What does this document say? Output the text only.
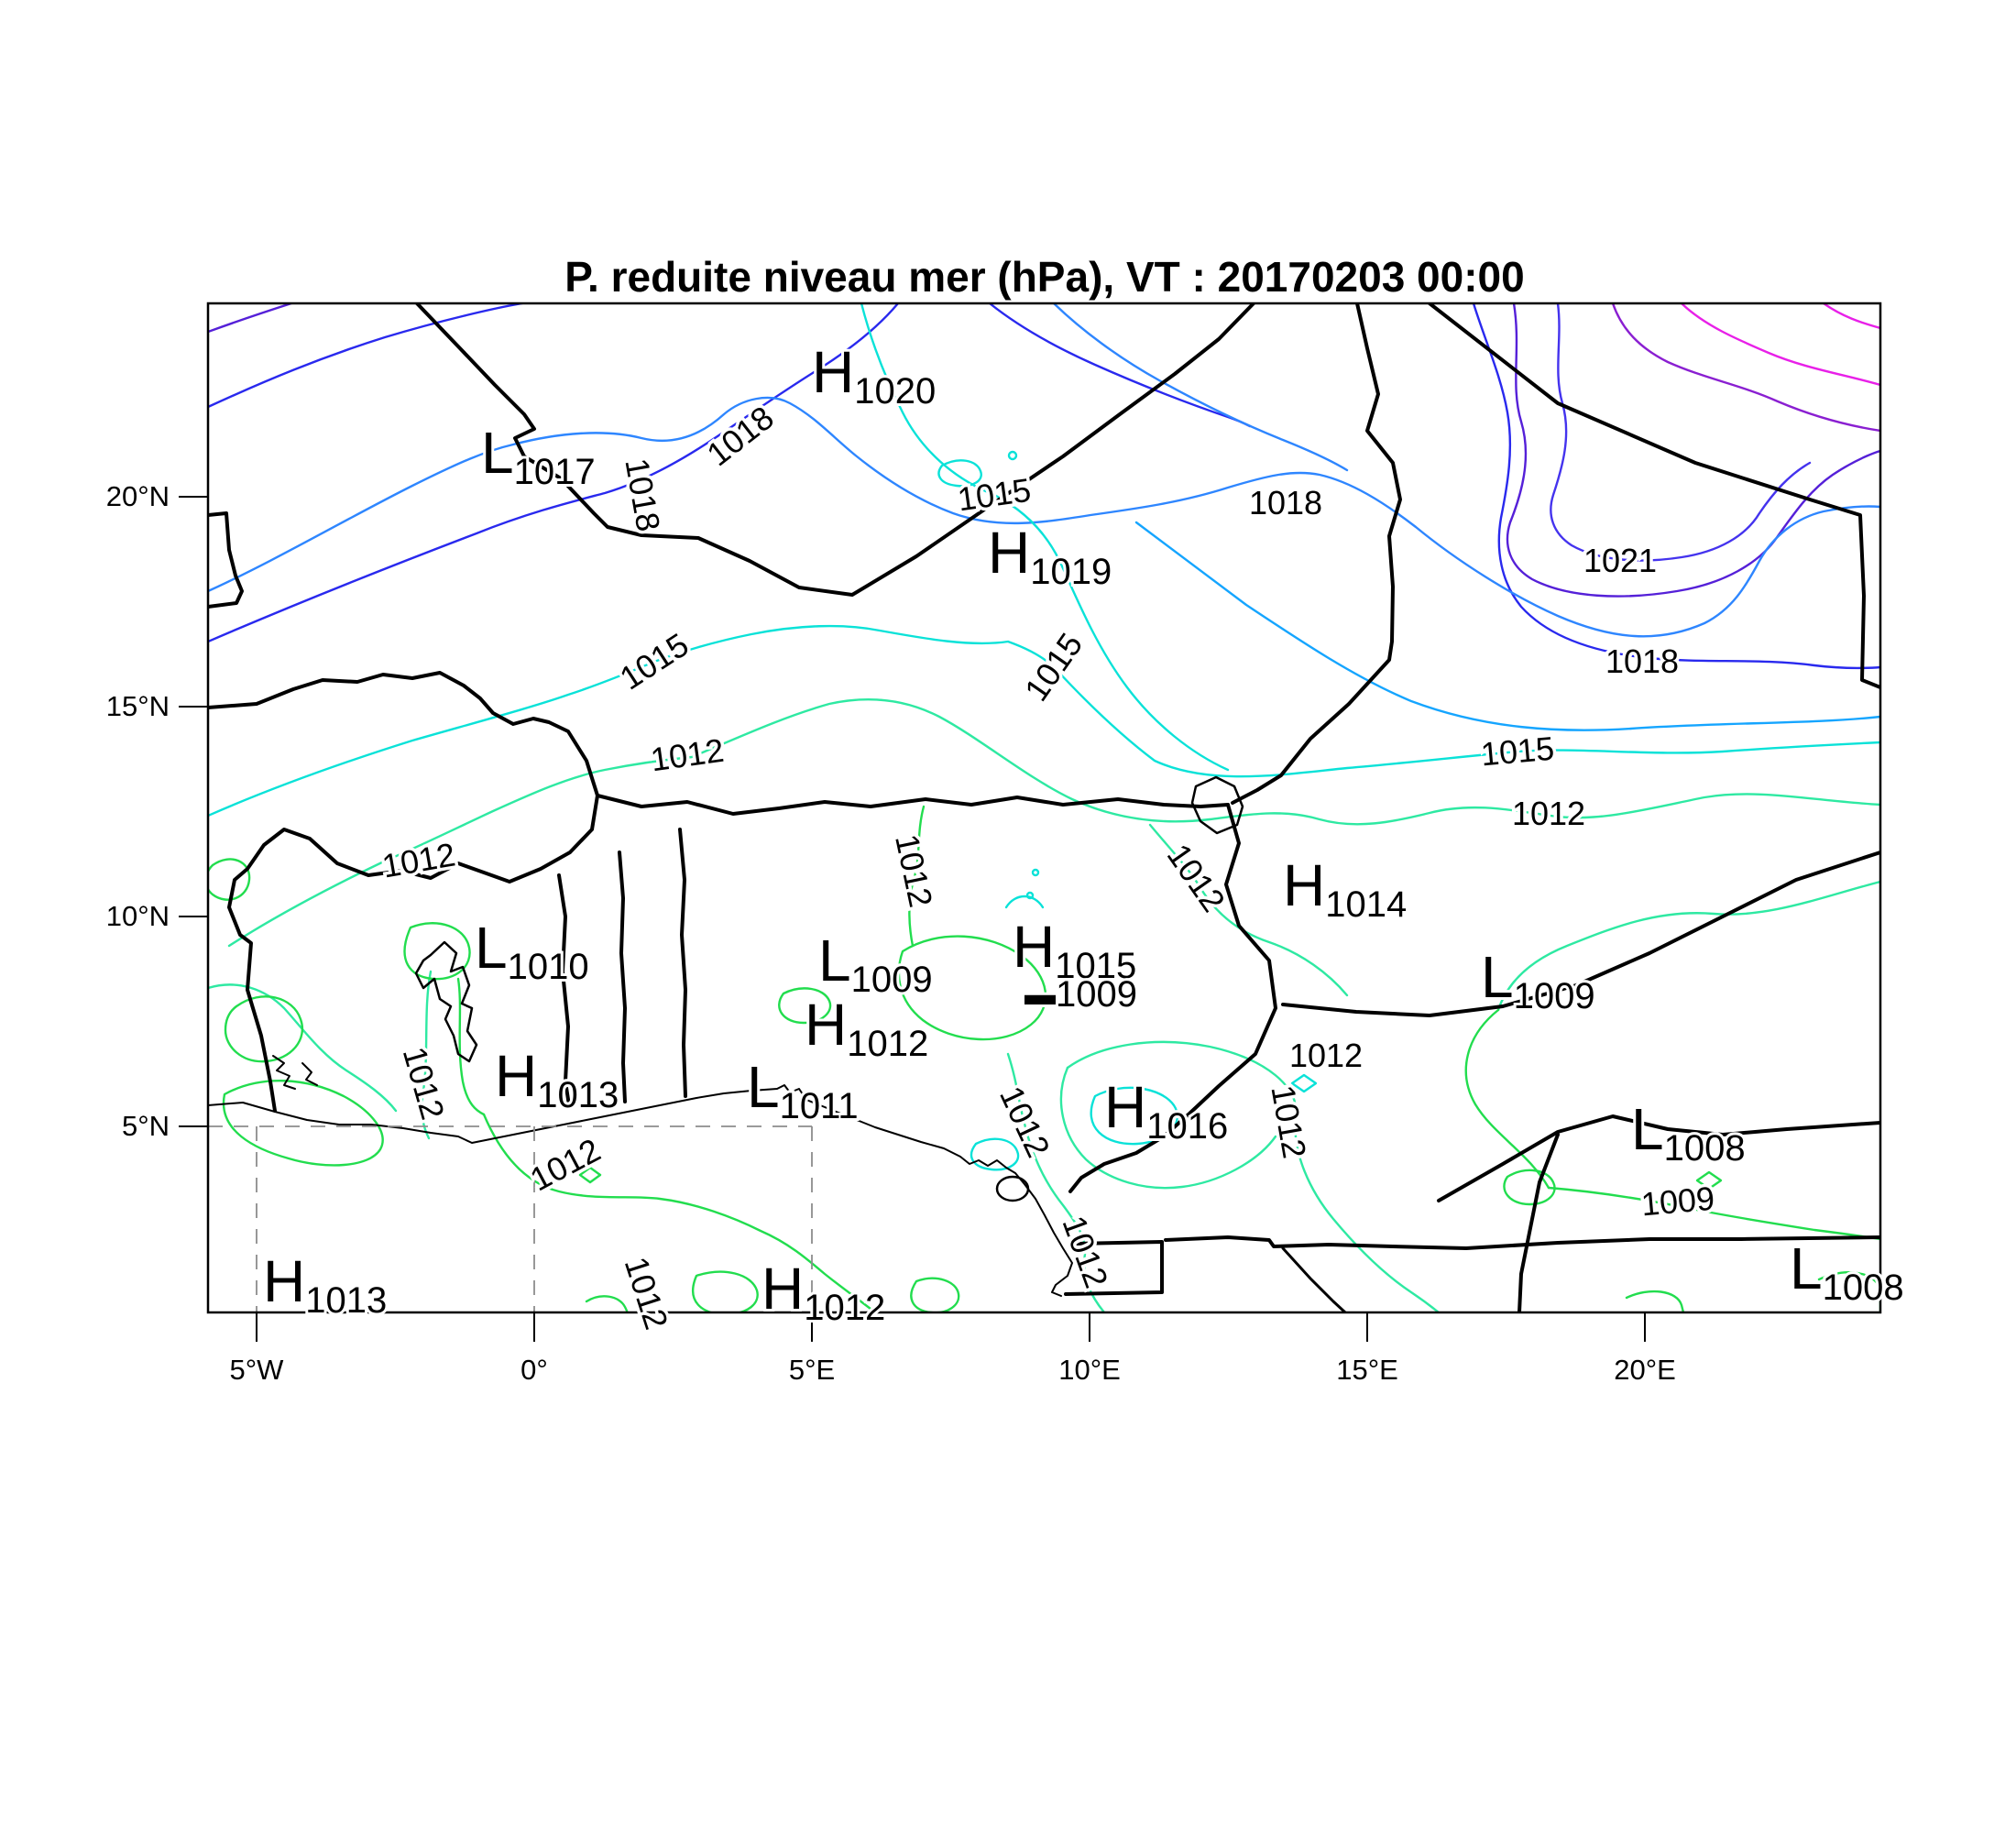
P. reduite niveau mer (hPa), VT : 20170203 00:00
20°N
15°N
10°N
5°N
5°W	0°	5°E	10°E	15°E	20°E
1018
1018	1015	1018
1021
1018
1015	1015
1015
1012
1012
1012	1012	1012
1012	1012
1012	1012
1012
1012
1012
1009
H1020
L1017
H1019
H1014
L1010	L1009 H1015
▬1009	L1009
H1012
H1013 L1011	H1016	L1008
H1013	H1012
L1008
